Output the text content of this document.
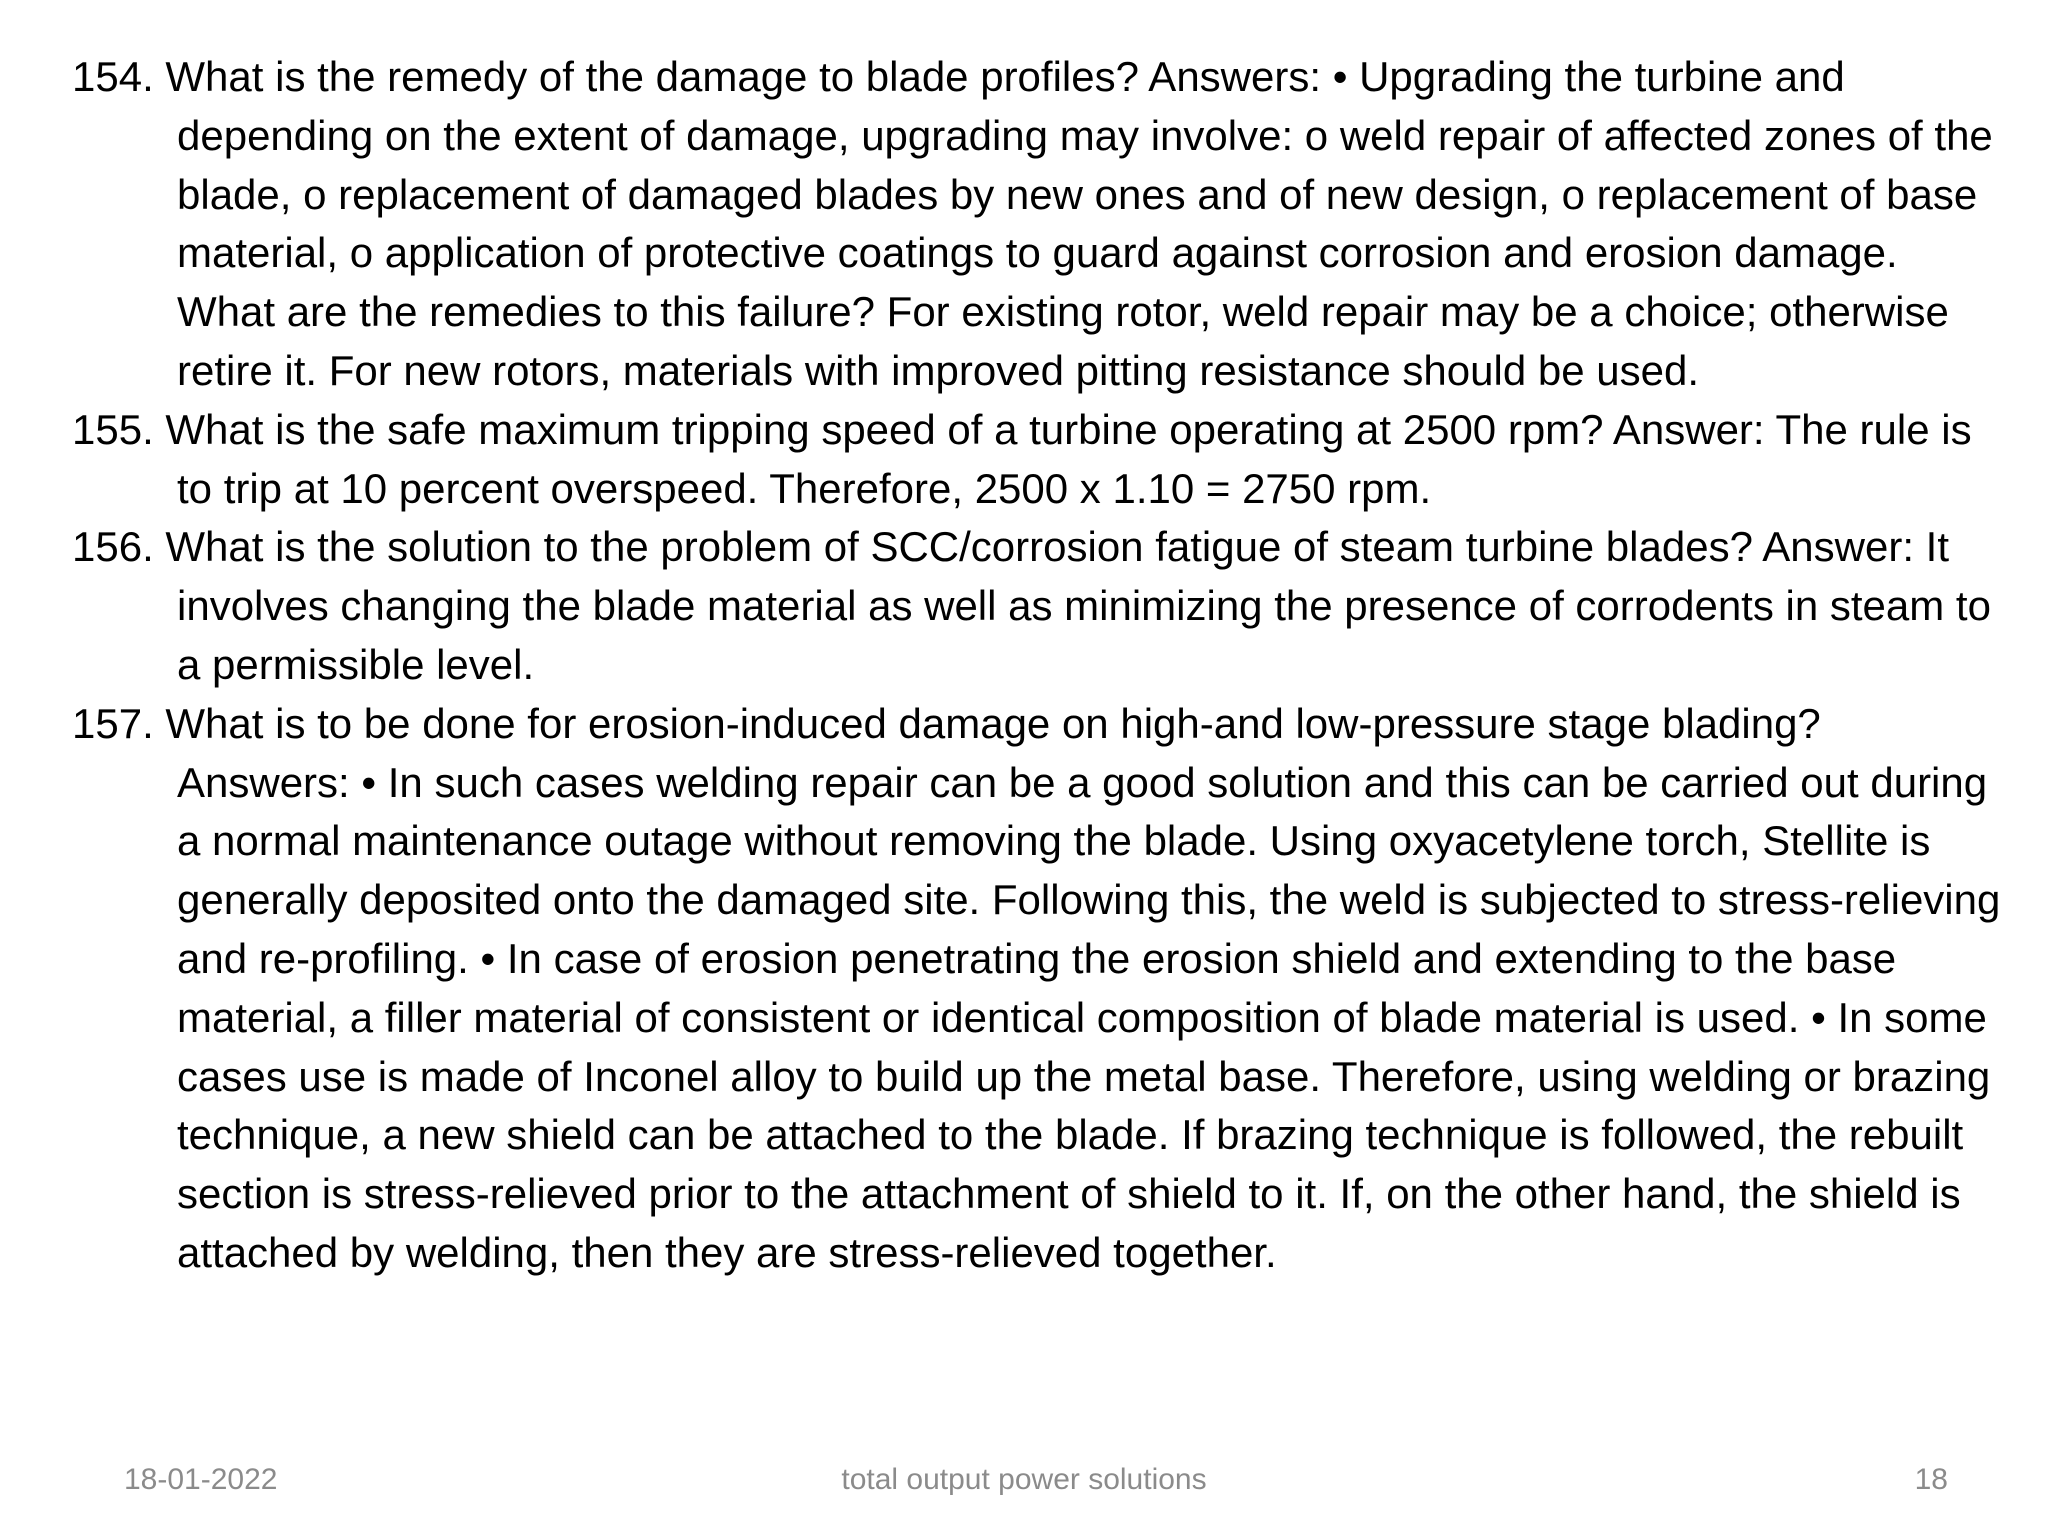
154. What is the remedy of the damage to blade profiles? Answers: • Upgrading the turbine and depending on the extent of damage, upgrading may involve: o weld repair of affected zones of the blade, o replacement of damaged blades by new ones and of new design, o replacement of base material, o application of protective coatings to guard against corrosion and erosion damage. What are the remedies to this failure? For existing rotor, weld repair may be a choice; otherwise retire it. For new rotors, materials with improved pitting resistance should be used.
155. What is the safe maximum tripping speed of a turbine operating at 2500 rpm? Answer: The rule is to trip at 10 percent overspeed. Therefore, 2500 x 1.10 = 2750 rpm.
156. What is the solution to the problem of SCC/corrosion fatigue of steam turbine blades? Answer: It involves changing the blade material as well as minimizing the presence of corrodents in steam to a permissible level.
157. What is to be done for erosion-induced damage on high-and low-pressure stage blading? Answers: • In such cases welding repair can be a good solution and this can be carried out during a normal maintenance outage without removing the blade. Using oxyacetylene torch, Stellite is generally deposited onto the damaged site. Following this, the weld is subjected to stress-relieving and re-profiling. • In case of erosion penetrating the erosion shield and extending to the base material, a filler material of consistent or identical composition of blade material is used. • In some cases use is made of Inconel alloy to build up the metal base. Therefore, using welding or brazing technique, a new shield can be attached to the blade. If brazing technique is followed, the rebuilt section is stress-relieved prior to the attachment of shield to it. If, on the other hand, the shield is attached by welding, then they are stress-relieved together.
18-01-2022	total output power solutions	18
